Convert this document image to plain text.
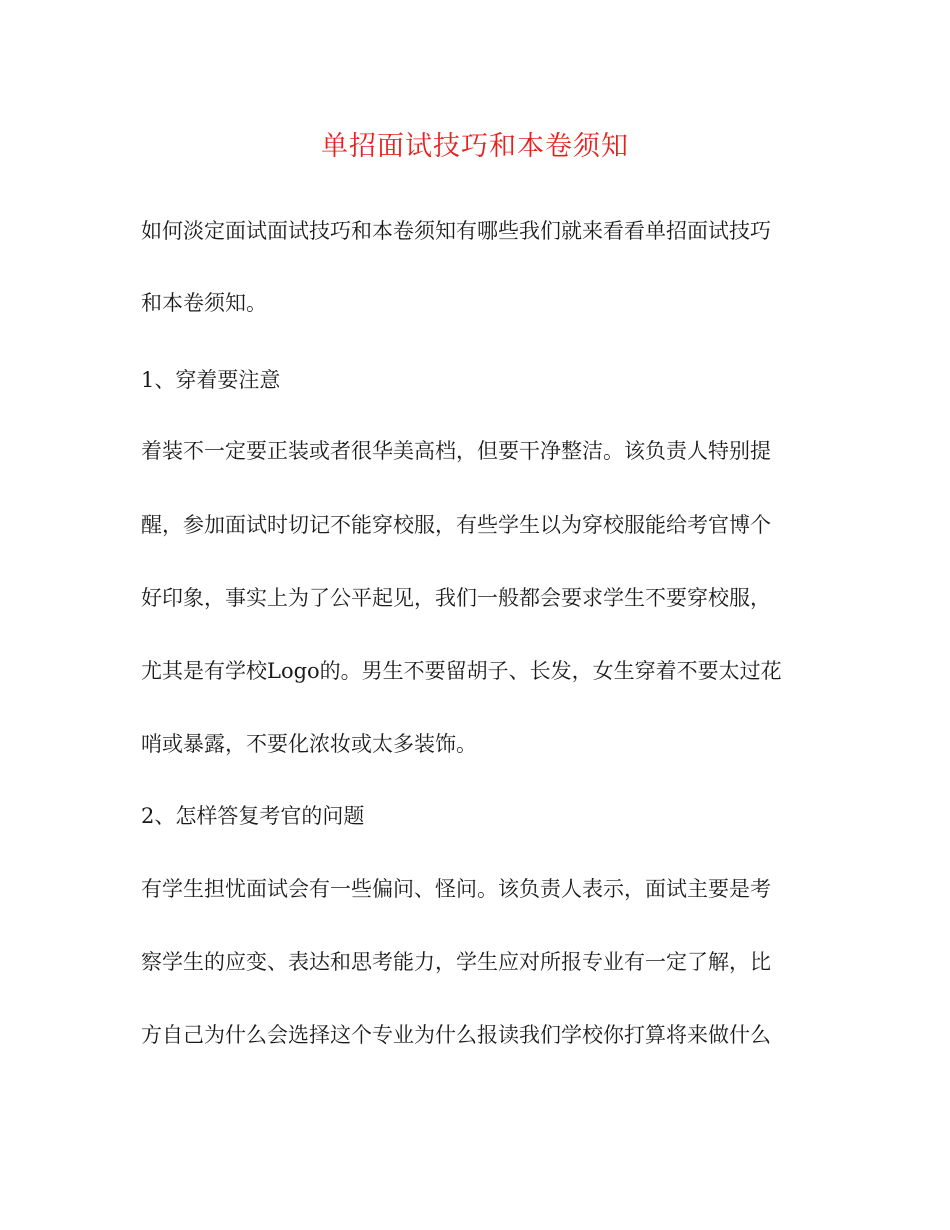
单招面试技巧和本卷须知
如何淡定面试面试技巧和本卷须知有哪些我们就来看看单招面试技巧
和本卷须知。
1、穿着要注意
着装不一定要正装或者很华美高档，但要干净整洁。该负责人特别提
醒，参加面试时切记不能穿校服，有些学生以为穿校服能给考官博个
好印象，事实上为了公平起见，我们一般都会要求学生不要穿校服，
尤其是有学校Logo的。男生不要留胡子、长发，女生穿着不要太过花
哨或暴露，不要化浓妆或太多装饰。
2、怎样答复考官的问题
有学生担忧面试会有一些偏问、怪问。该负责人表示，面试主要是考
察学生的应变、表达和思考能力，学生应对所报专业有一定了解，比
方自己为什么会选择这个专业为什么报读我们学校你打算将来做什么
